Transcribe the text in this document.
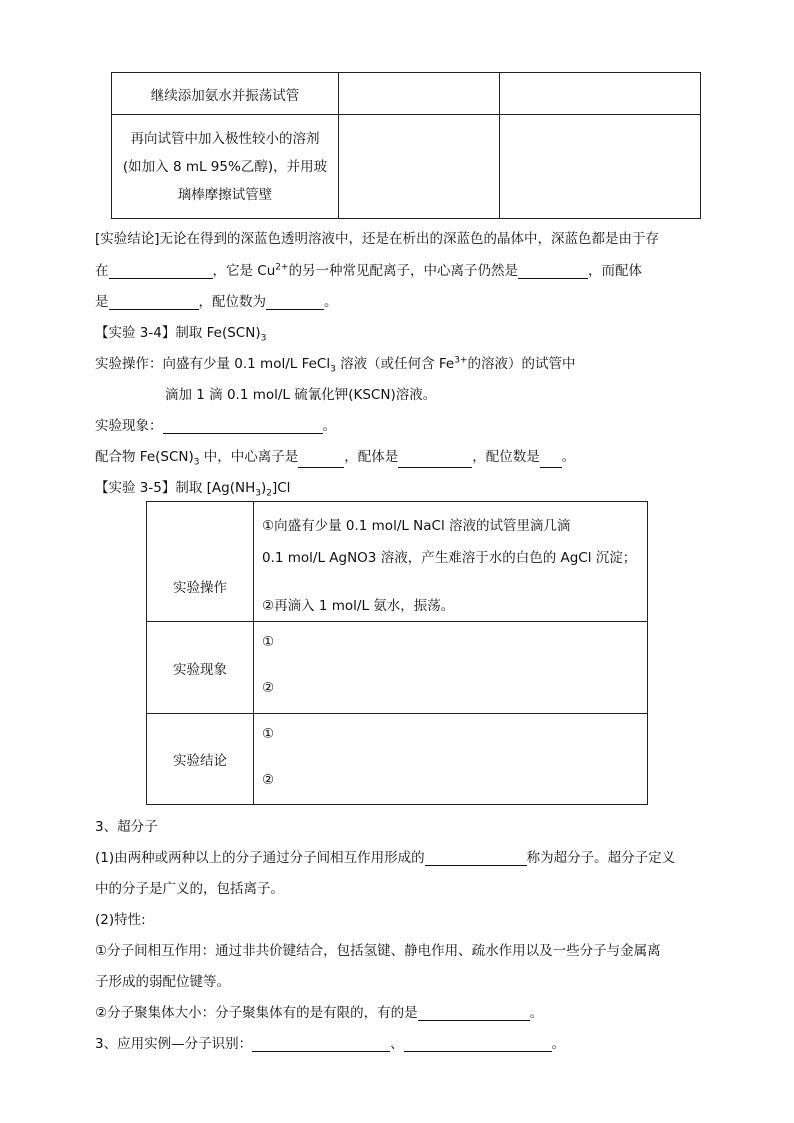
继续添加氨水并振荡试管		

再向试管中加入极性较小的溶剂
(如加入 8 mL 95%乙醇)，并用玻
璃棒摩擦试管壁		

[实验结论]无论在得到的深蓝色透明溶液中，还是在析出的深蓝色的晶体中，深蓝色都是由于存
在	，它是 $Cu^{2+}$的另一种常见配离子，中心离子仍然是	，而配体
是	，配位数为	。
【实验 3-4】制取 $Fe(SCN)_3$
实验操作：向盛有少量 0.1 mol/L FeCl$_3$ 溶液（或任何含 $Fe^{3+}$的溶液）的试管中
滴加 1 滴 0.1 mol/L 硫氰化钾(KSCN)溶液。
实验现象：	。
配合物 $Fe(SCN)_3$ 中，中心离子是	，配体是	，配位数是 。
【实验 3-5】制取 $[Ag(NH_3)_2]Cl$
实验操作	①向盛有少量 0.1 mol/L NaCl 溶液的试管里滴几滴
0.1 mol/L AgNO3 溶液，产生难溶于水的白色的 AgCl 沉淀；
②再滴入 1 mol/L 氨水，振荡。

实验现象	①
②

实验结论	①
②
3、超分子
(1)由两种或两种以上的分子通过分子间相互作用形成的	称为超分子。超分子定义
中的分子是广义的，包括离子。
(2)特性:
①分子间相互作用：通过非共价键结合，包括氢键、静电作用、疏水作用以及一些分子与金属离
子形成的弱配位键等。
②分子聚集体大小：分子聚集体有的是有限的，有的是	。
3、应用实例—分子识别：	、	。
